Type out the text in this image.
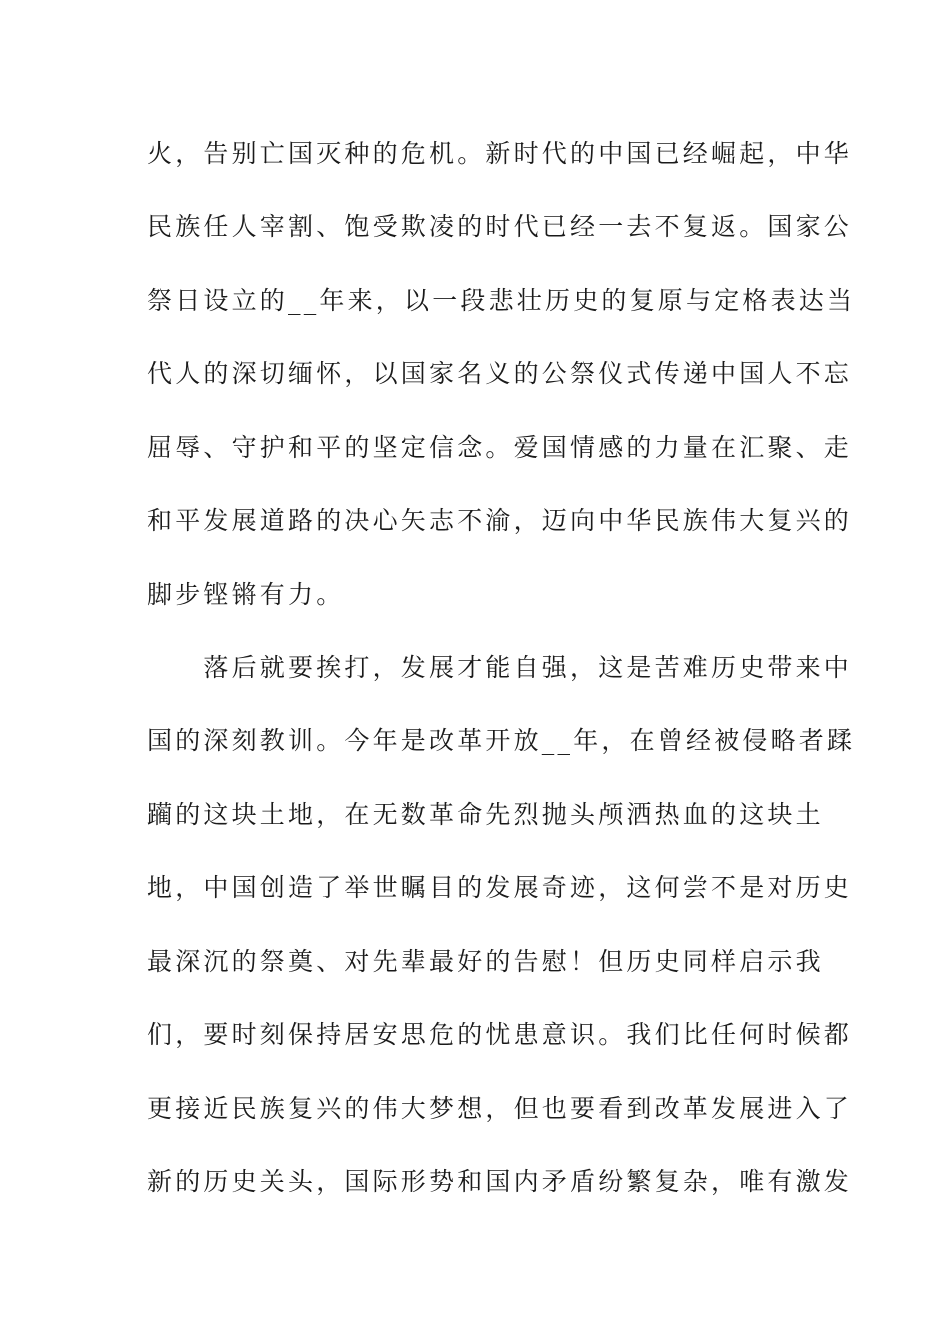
火，告别亡国灭种的危机。新时代的中国已经崛起，中华
民族任人宰割、饱受欺凌的时代已经一去不复返。国家公
祭日设立的__年来，以一段悲壮历史的复原与定格表达当
代人的深切缅怀，以国家名义的公祭仪式传递中国人不忘
屈辱、守护和平的坚定信念。爱国情感的力量在汇聚、走
和平发展道路的决心矢志不渝，迈向中华民族伟大复兴的
脚步铿锵有力。
　　落后就要挨打，发展才能自强，这是苦难历史带来中
国的深刻教训。今年是改革开放__年，在曾经被侵略者蹂
躏的这块土地，在无数革命先烈抛头颅洒热血的这块土
地，中国创造了举世瞩目的发展奇迹，这何尝不是对历史
最深沉的祭奠、对先辈最好的告慰！但历史同样启示我
们，要时刻保持居安思危的忧患意识。我们比任何时候都
更接近民族复兴的伟大梦想，但也要看到改革发展进入了
新的历史关头，国际形势和国内矛盾纷繁复杂，唯有激发
